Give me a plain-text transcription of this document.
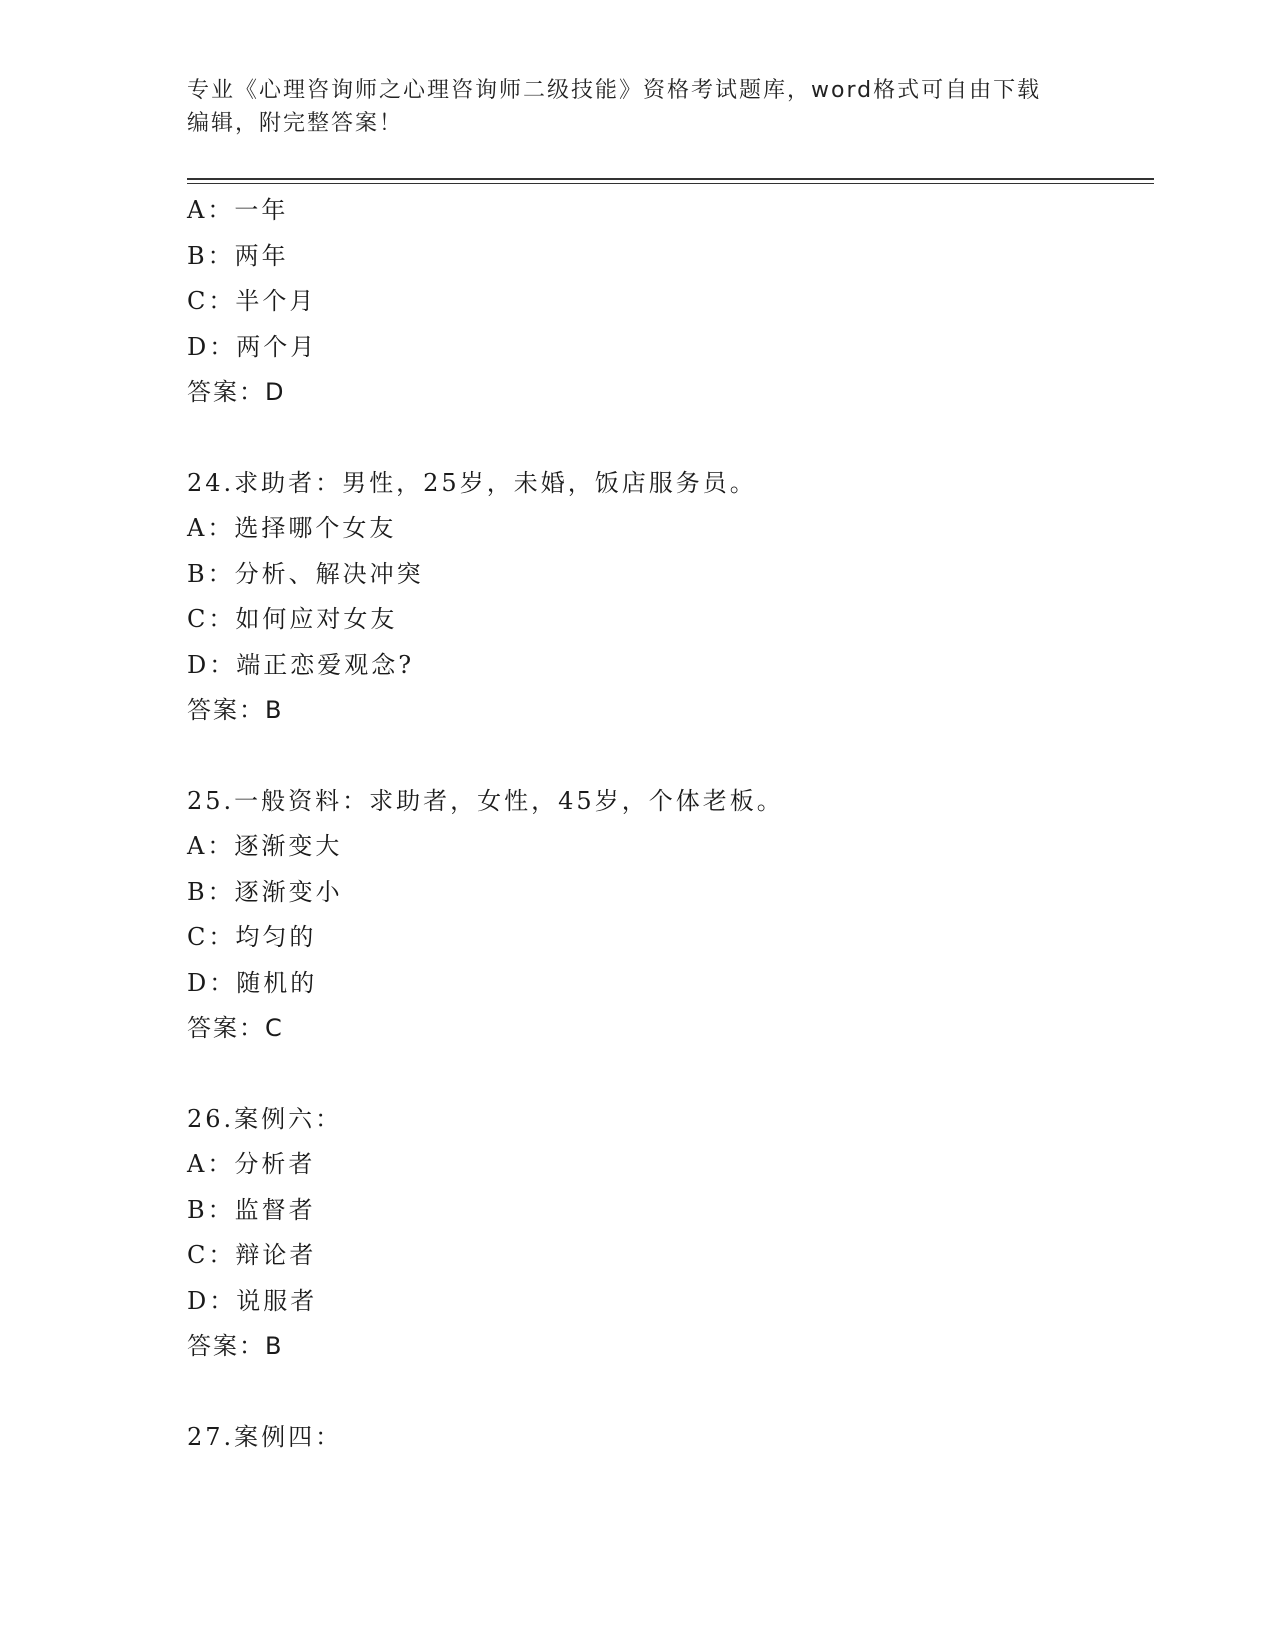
专业《心理咨询师之心理咨询师二级技能》资格考试题库，word格式可自由下载
编辑，附完整答案！
A：一年
B：两年
C：半个月
D：两个月
答案：D
24.求助者：男性，25岁，未婚，饭店服务员。
A：选择哪个女友
B：分析、解决冲突
C：如何应对女友
D：端正恋爱观念?
答案：B
25.一般资料：求助者，女性，45岁，个体老板。
A：逐渐变大
B：逐渐变小
C：均匀的
D：随机的
答案：C
26.案例六：
A：分析者
B：监督者
C：辩论者
D：说服者
答案：B
27.案例四：
